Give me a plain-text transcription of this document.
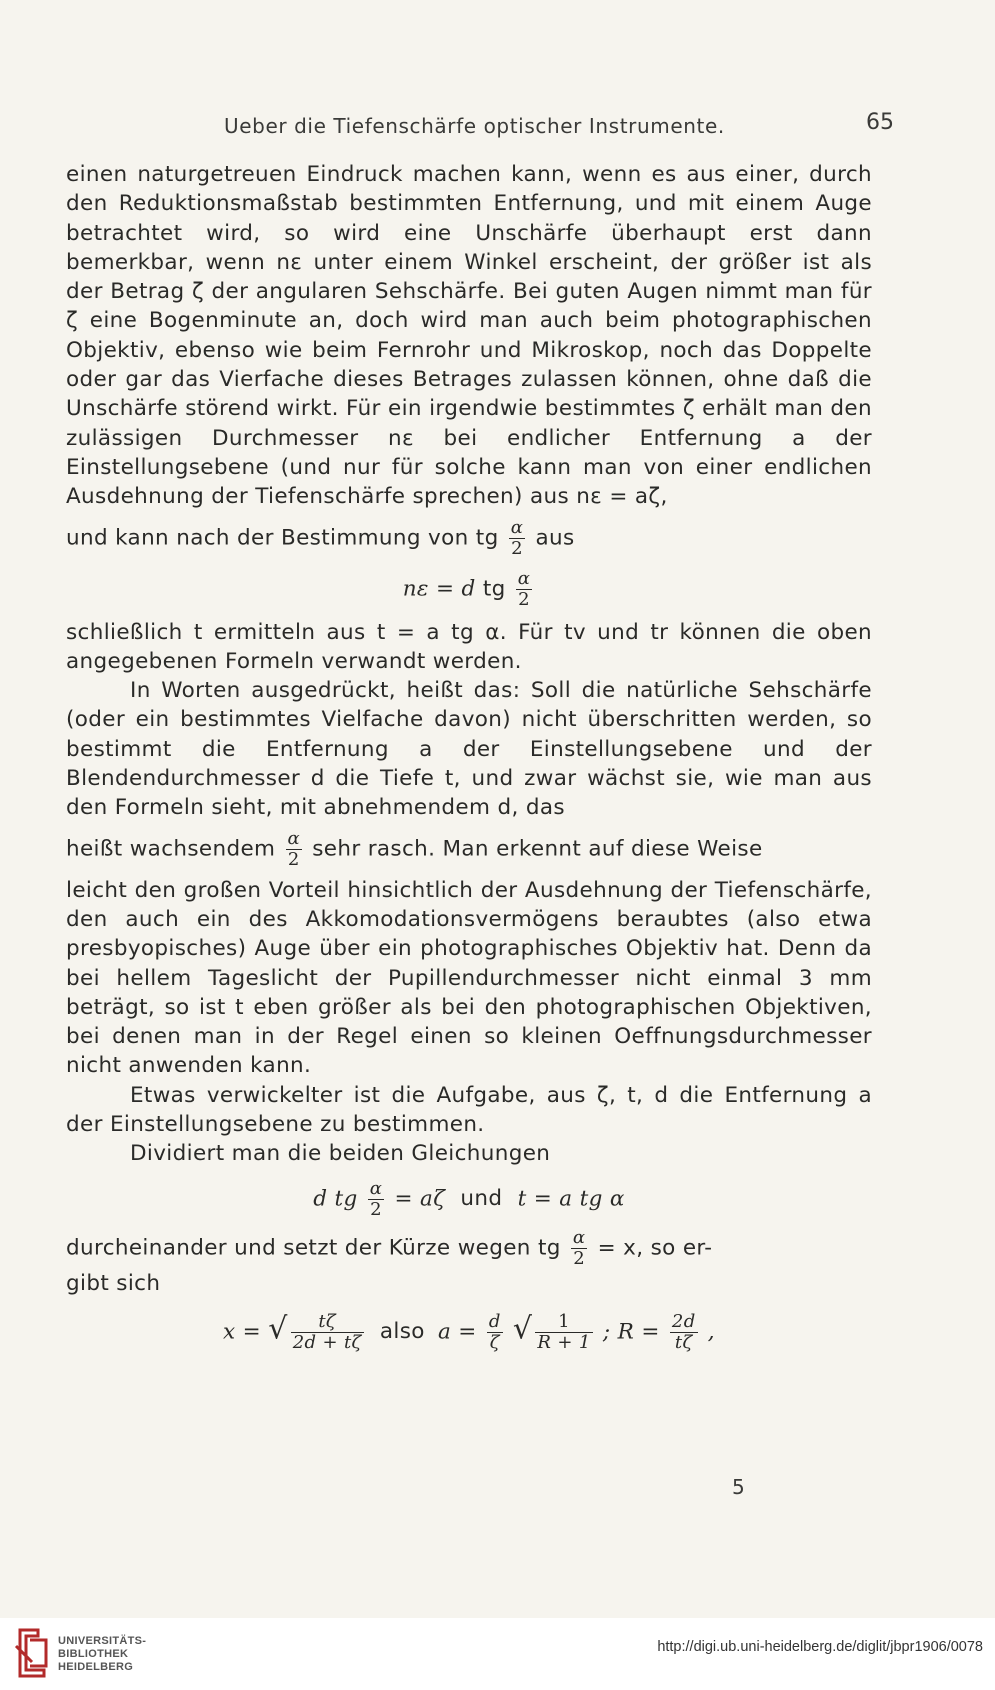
Ueber die Tiefenschärfe optischer Instrumente.	65

einen naturgetreuen Eindruck machen kann, wenn es aus einer, durch den Reduktionsmaßstab bestimmten Entfernung, und mit einem Auge betrachtet wird, so wird eine Unschärfe überhaupt erst dann bemerkbar, wenn nε unter einem Winkel erscheint, der größer ist als der Betrag ζ der angularen Sehschärfe. Bei guten Augen nimmt man für ζ eine Bogenminute an, doch wird man auch beim photographischen Objektiv, ebenso wie beim Fernrohr und Mikroskop, noch das Doppelte oder gar das Vierfache dieses Betrages zulassen können, ohne daß die Unschärfe störend wirkt. Für ein irgendwie bestimmtes ζ erhält man den zulässigen Durchmesser nε bei endlicher Entfernung a der Einstellungsebene (und nur für solche kann man von einer endlichen Ausdehnung der Tiefenschärfe sprechen) aus nε = aζ,

und kann nach der Bestimmung von tg $\frac{\alpha}{2}$ aus

nε = d tg $\frac{\alpha}{2}$

schließlich t ermitteln aus t = a tg α. Für tv und tr können die oben angegebenen Formeln verwandt werden.

In Worten ausgedrückt, heißt das: Soll die natürliche Sehschärfe (oder ein bestimmtes Vielfache davon) nicht überschritten werden, so bestimmt die Entfernung a der Einstellungsebene und der Blendendurchmesser d die Tiefe t, und zwar wächst sie, wie man aus den Formeln sieht, mit abnehmendem d, das

heißt wachsendem $\frac{\alpha}{2}$ sehr rasch. Man erkennt auf diese Weise

leicht den großen Vorteil hinsichtlich der Ausdehnung der Tiefenschärfe, den auch ein des Akkomodationsvermögens beraubtes (also etwa presbyopisches) Auge über ein photographisches Objektiv hat. Denn da bei hellem Tageslicht der Pupillendurchmesser nicht einmal 3 mm beträgt, so ist t eben größer als bei den photographischen Objektiven, bei denen man in der Regel einen so kleinen Oeffnungsdurchmesser nicht anwenden kann.

Etwas verwickelter ist die Aufgabe, aus ζ, t, d die Entfernung a der Einstellungsebene zu bestimmen.

Dividiert man die beiden Gleichungen

d tg $\frac{\alpha}{2} = a\zeta$ und t = a tg α

durcheinander und setzt der Kürze wegen tg $\frac{\alpha}{2} = x$, so er-

gibt sich

x = √ $\frac{t\zeta}{2d + t\zeta}$ also $a = \frac{d}{\zeta}$ √ $\frac{1}{R + 1}$ ; $R = \frac{2d}{t\zeta}$ ,
5
UNIVERSITÄTS-
BIBLIOTHEK
HEIDELBERG
http://digi.ub.uni-heidelberg.de/diglit/jbpr1906/0078
